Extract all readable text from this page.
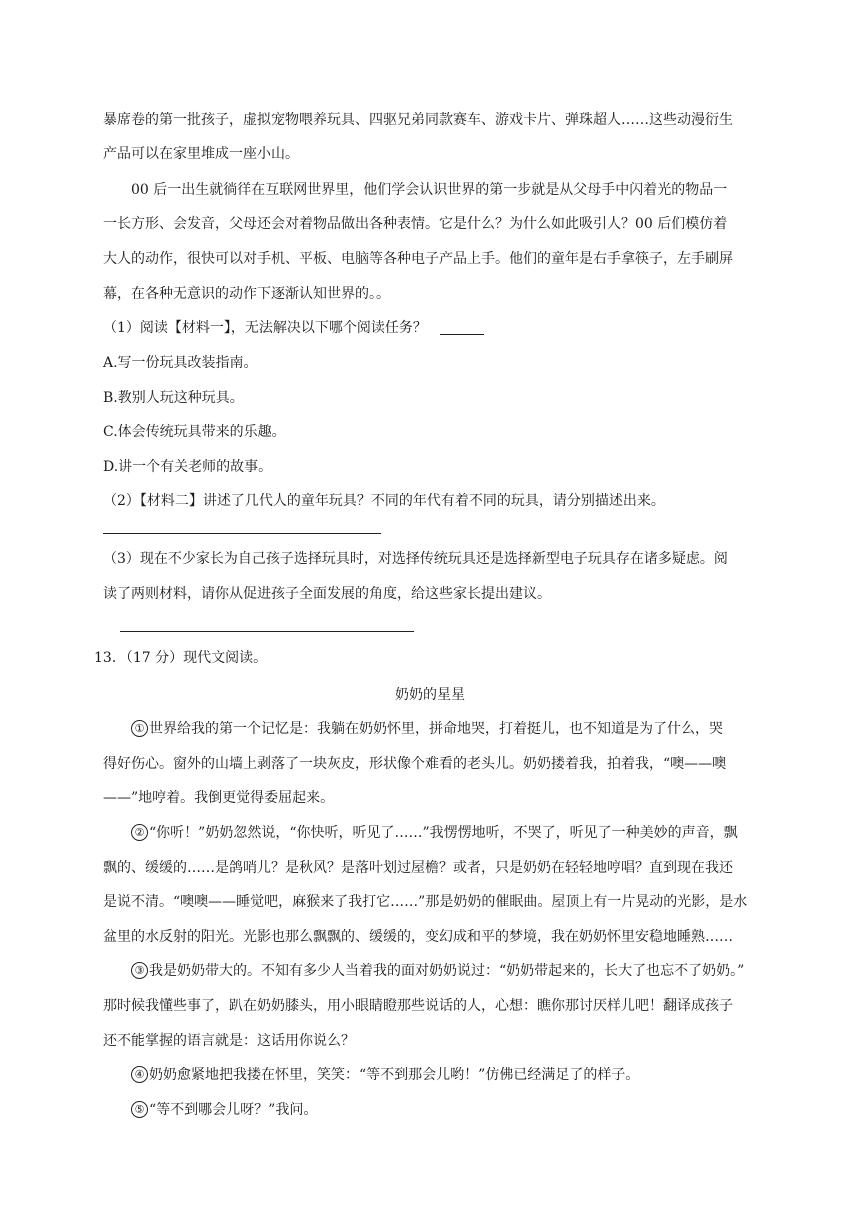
暴席卷的第一批孩子，虚拟宠物喂养玩具、四驱兄弟同款赛车、游戏卡片、弹珠超人……这些动漫衍生
产品可以在家里堆成一座小山。
00 后一出生就徜徉在互联网世界里，他们学会认识世界的第一步就是从父母手中闪着光的物品一
一长方形、会发音，父母还会对着物品做出各种表情。它是什么？为什么如此吸引人？00 后们模仿着
大人的动作，很快可以对手机、平板、电脑等各种电子产品上手。他们的童年是右手拿筷子，左手刷屏
幕，在各种无意识的动作下逐渐认知世界的。。
（1）阅读【材料一】，无法解决以下哪个阅读任务？
A.写一份玩具改装指南。
B.教别人玩这种玩具。
C.体会传统玩具带来的乐趣。
D.讲一个有关老师的故事。
（2）【材料二】讲述了几代人的童年玩具？不同的年代有着不同的玩具，请分别描述出来。
（3）现在不少家长为自己孩子选择玩具时，对选择传统玩具还是选择新型电子玩具存在诸多疑虑。阅
读了两则材料，请你从促进孩子全面发展的角度，给这些家长提出建议。
13．（17 分）现代文阅读。
奶奶的星星
① 世界给我的第一个记忆是：我躺在奶奶怀里，拼命地哭，打着挺儿，也不知道是为了什么，哭
得好伤心。窗外的山墙上剥落了一块灰皮，形状像个难看的老头儿。奶奶搂着我，拍着我，“噢——噢
——”地哼着。我倒更觉得委屈起来。
② “你听！”奶奶忽然说，“你快听，听见了……”我愣愣地听，不哭了，听见了一种美妙的声音，飘
飘的、缓缓的……是鸽哨儿？是秋风？是落叶划过屋檐？或者，只是奶奶在轻轻地哼唱？直到现在我还
是说不清。“噢噢——睡觉吧，麻猴来了我打它……”那是奶奶的催眠曲。屋顶上有一片晃动的光影，是水
盆里的水反射的阳光。光影也那么飘飘的、缓缓的，变幻成和平的梦境，我在奶奶怀里安稳地睡熟……
③ 我是奶奶带大的。不知有多少人当着我的面对奶奶说过：“奶奶带起来的，长大了也忘不了奶奶。”
那时候我懂些事了，趴在奶奶膝头，用小眼睛瞪那些说话的人，心想：瞧你那讨厌样儿吧！翻译成孩子
还不能掌握的语言就是：这话用你说么？
④ 奶奶愈紧地把我搂在怀里，笑笑：“等不到那会儿哟！”仿佛已经满足了的样子。
⑤ “等不到哪会儿呀？”我问。
